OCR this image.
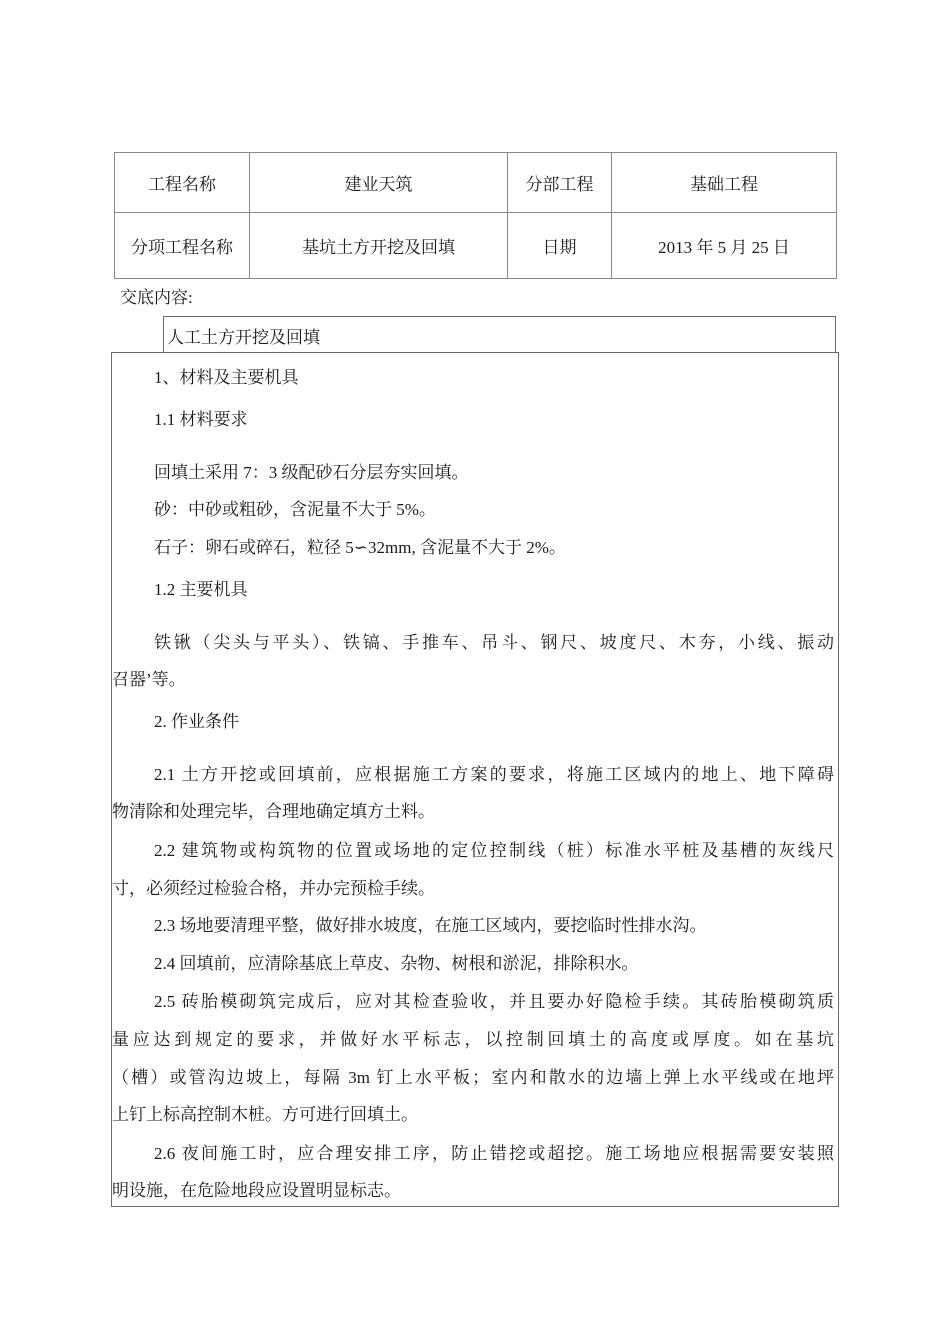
工程名称	建业天筑	分部工程	基础工程
分项工程名称	基坑土方开挖及回填	日期	2013 年 5 月 25 日
交底内容:
人工土方开挖及回填
1、材料及主要机具
1.1 材料要求
回填土采用 7：3 级配砂石分层夯实回填。
砂：中砂或粗砂，含泥量不大于 5%。
石子：卵石或碎石，粒径 5∽32mm, 含泥量不大于 2%。
1.2 主要机具
铁锹（尖头与平头）、铁镐、手推车、吊斗、钢尺、坡度尺、木夯，小线、振动
召器’等。
2. 作业条件
2.1 土方开挖或回填前，应根据施工方案的要求，将施工区域内的地上、地下障碍
物清除和处理完毕，合理地确定填方土料。
2.2 建筑物或构筑物的位置或场地的定位控制线（桩）标准水平桩及基槽的灰线尺
寸，必须经过检验合格，并办完预检手续。
2.3 场地要清理平整，做好排水坡度，在施工区域内，要挖临时性排水沟。
2.4 回填前，应清除基底上草皮、杂物、树根和淤泥，排除积水。
2.5 砖胎模砌筑完成后，应对其检查验收，并且要办好隐检手续。其砖胎模砌筑质
量应达到规定的要求，并做好水平标志，以控制回填土的高度或厚度。如在基坑
（槽）或管沟边坡上，每隔 3m 钉上水平板；室内和散水的边墙上弹上水平线或在地坪
上钉上标高控制木桩。方可进行回填土。
2.6 夜间施工时，应合理安排工序，防止错挖或超挖。施工场地应根据需要安装照
明设施，在危险地段应设置明显标志。
